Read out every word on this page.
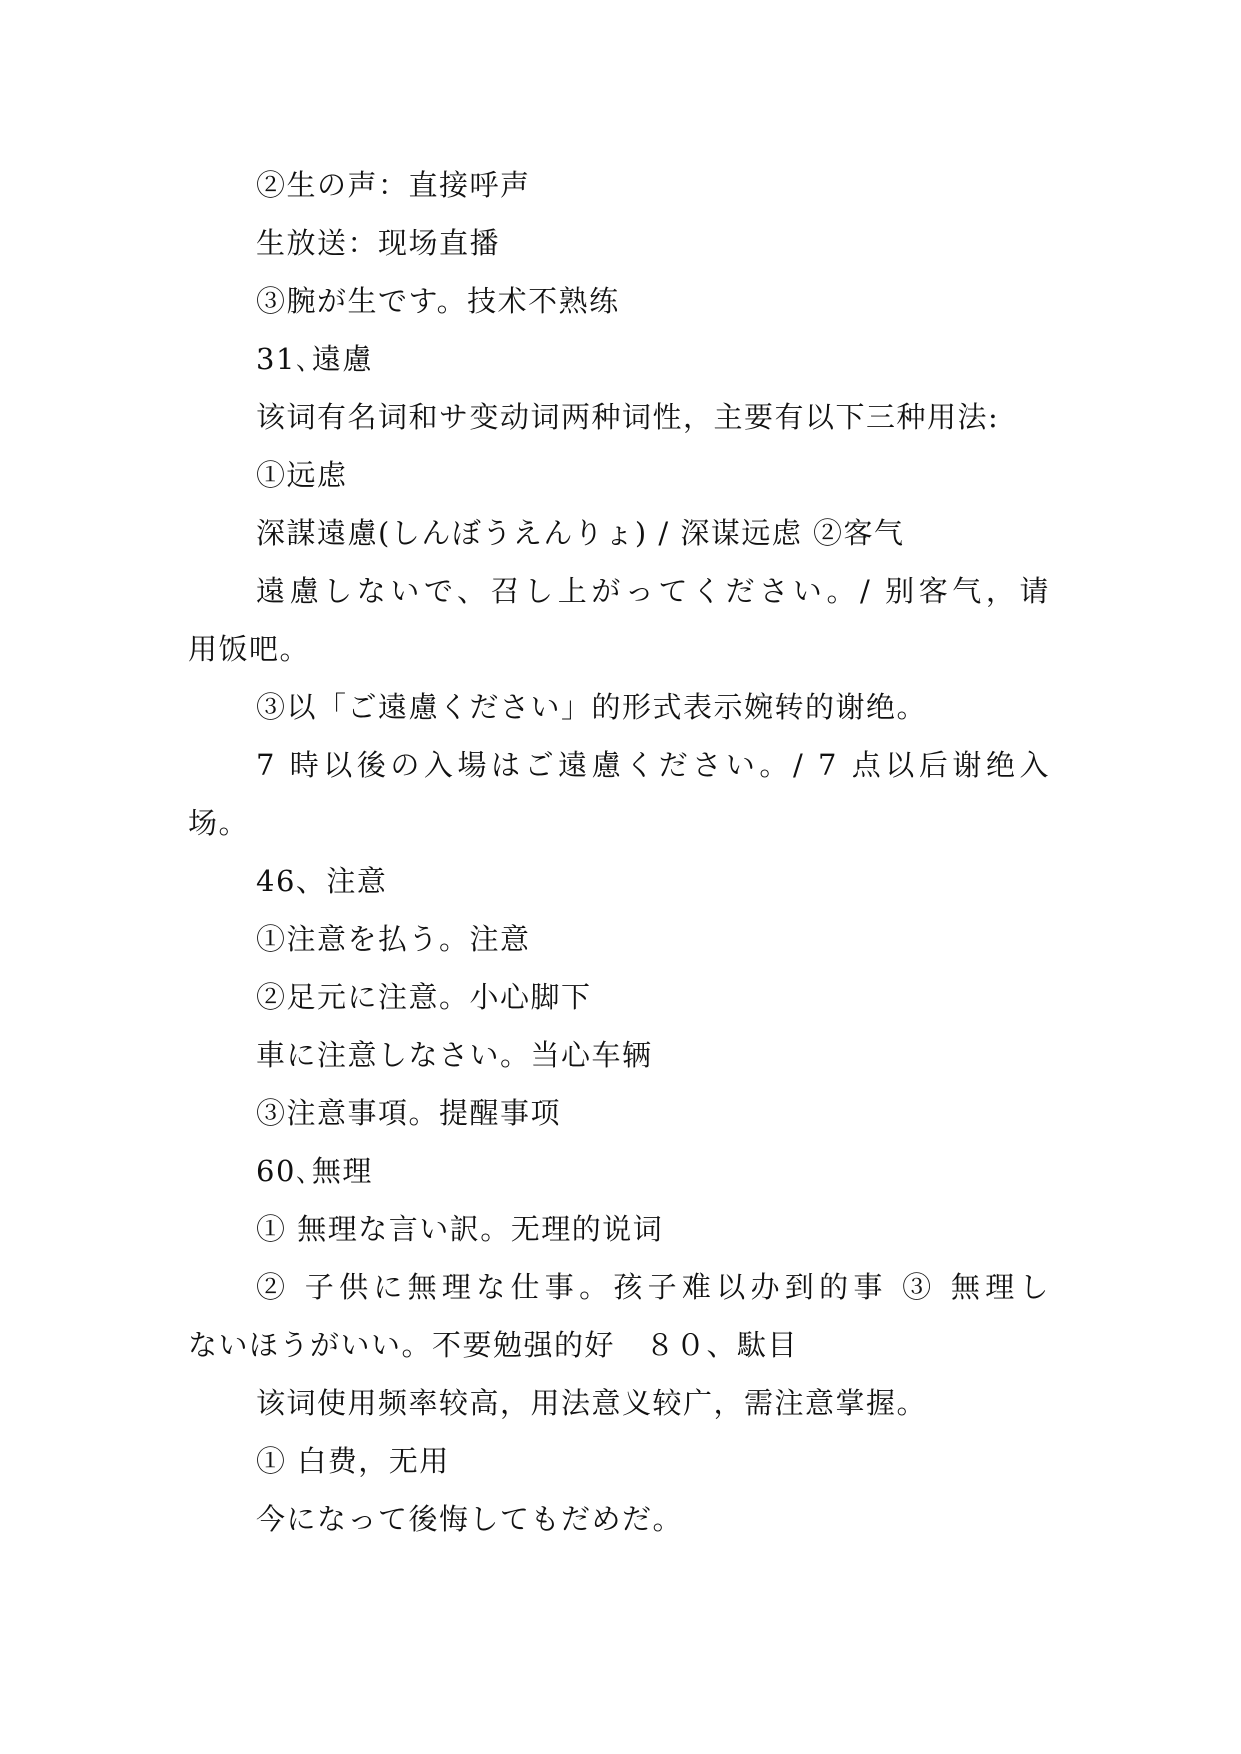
②生の声：直接呼声
生放送：现场直播
③腕が生です。技术不熟练
31､遠慮
该词有名词和サ变动词两种词性，主要有以下三种用法:
①远虑
深謀遠慮(しんぼうえんりょ) / 深谋远虑 ②客气
遠慮しないで、召し上がってください。/ 别客气，请
用饭吧。
③以「ご遠慮ください」的形式表示婉转的谢绝。
7 時以後の入場はご遠慮ください。/ 7 点以后谢绝入
场。
46、注意
①注意を払う。注意
②足元に注意。小心脚下
車に注意しなさい。当心车辆
③注意事項。提醒事项
60､無理
① 無理な言い訳。无理的说词
② 子供に無理な仕事。孩子难以办到的事 ③ 無理し
ないほうがいい。不要勉强的好　８０、駄目
该词使用频率较高，用法意义较广，需注意掌握。
① 白费，无用
今になって後悔してもだめだ。
